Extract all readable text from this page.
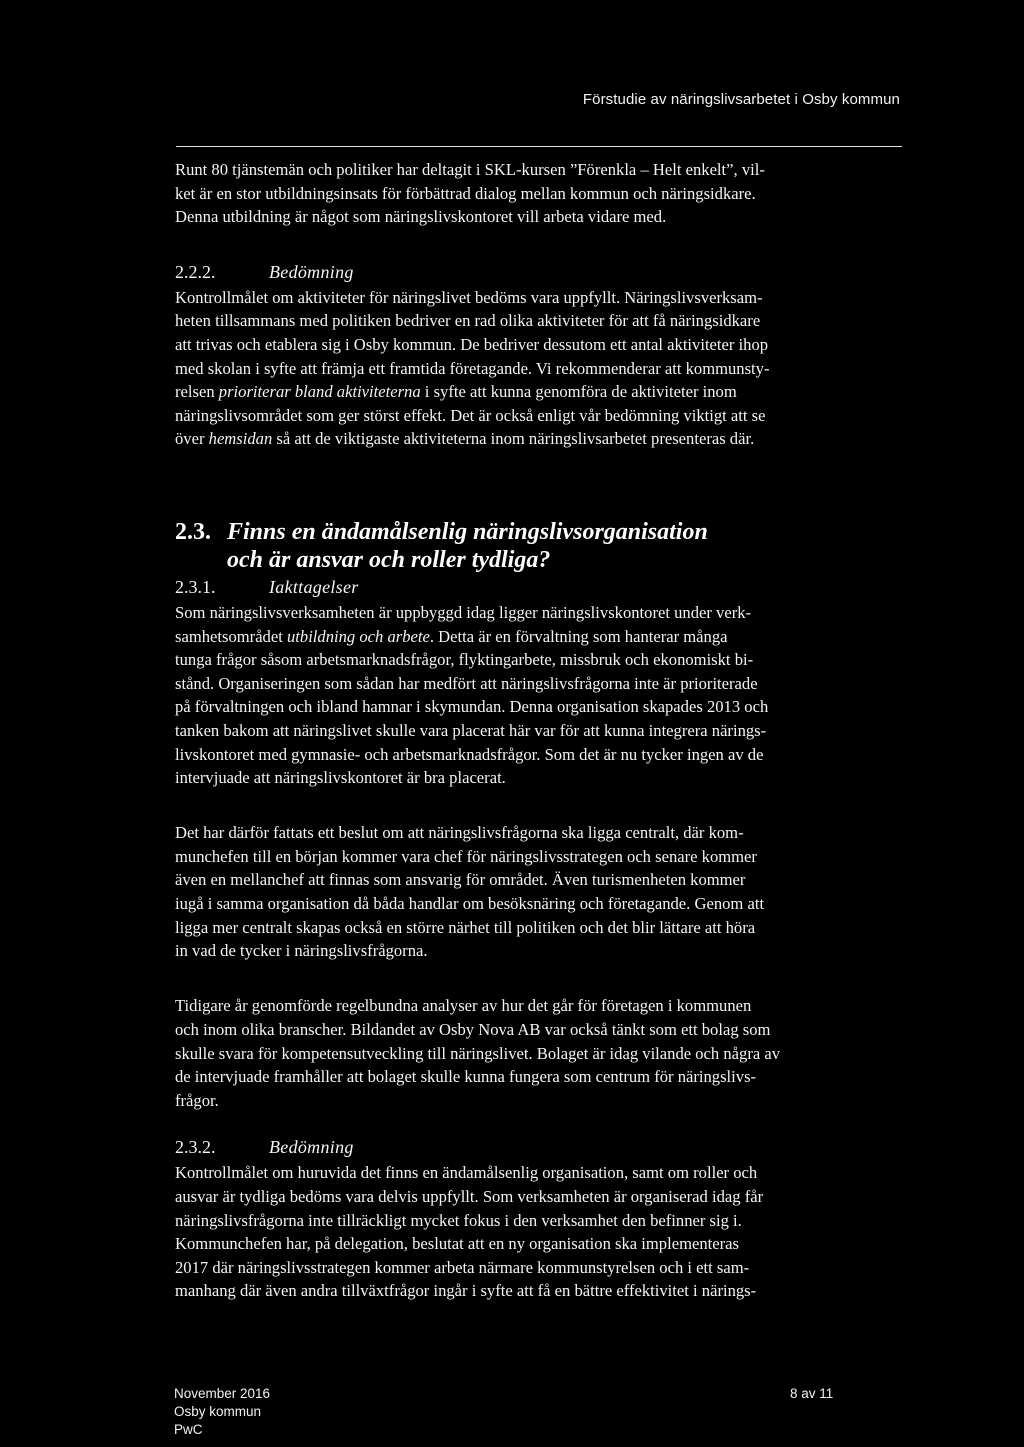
Förstudie av näringslivsarbetet i Osby kommun

Runt 80 tjänstemän och politiker har deltagit i SKL-kursen ”Förenkla – Helt enkelt”, vil-
ket är en stor utbildningsinsats för förbättrad dialog mellan kommun och näringsidkare.
Denna utbildning är något som näringslivskontoret vill arbeta vidare med.

2.2.2.	Bedömning

Kontrollmålet om aktiviteter för näringslivet bedöms vara uppfyllt. Näringslivsverksam-
heten tillsammans med politiken bedriver en rad olika aktiviteter för att få näringsidkare
att trivas och etablera sig i Osby kommun. De bedriver dessutom ett antal aktiviteter ihop
med skolan i syfte att främja ett framtida företagande. Vi rekommenderar att kommunsty-
relsen prioriterar bland aktiviteterna i syfte att kunna genomföra de aktiviteter inom
näringslivsområdet som ger störst effekt. Det är också enligt vår bedömning viktigt att se
över hemsidan så att de viktigaste aktiviteterna inom näringslivsarbetet presenteras där.

2.3. Finns en ändamålsenlig näringslivsorganisation
och är ansvar och roller tydliga?
2.3.1.	Iakttagelser

Som näringslivsverksamheten är uppbyggd idag ligger näringslivskontoret under verk-
samhetsområdet utbildning och arbete. Detta är en förvaltning som hanterar många
tunga frågor såsom arbetsmarknadsfrågor, flyktingarbete, missbruk och ekonomiskt bi-
stånd. Organiseringen som sådan har medfört att näringslivsfrågorna inte är prioriterade
på förvaltningen och ibland hamnar i skymundan. Denna organisation skapades 2013 och
tanken bakom att näringslivet skulle vara placerat här var för att kunna integrera närings-
livskontoret med gymnasie- och arbetsmarknadsfrågor. Som det är nu tycker ingen av de
intervjuade att näringslivskontoret är bra placerat.

Det har därför fattats ett beslut om att näringslivsfrågorna ska ligga centralt, där kom-
munchefen till en början kommer vara chef för näringslivsstrategen och senare kommer
även en mellanchef att finnas som ansvarig för området. Även turismenheten kommer
iugå i samma organisation då båda handlar om besöksnäring och företagande. Genom att
ligga mer centralt skapas också en större närhet till politiken och det blir lättare att höra
in vad de tycker i näringslivsfrågorna.

Tidigare år genomförde regelbundna analyser av hur det går för företagen i kommunen
och inom olika branscher. Bildandet av Osby Nova AB var också tänkt som ett bolag som
skulle svara för kompetensutveckling till näringslivet. Bolaget är idag vilande och några av
de intervjuade framhåller att bolaget skulle kunna fungera som centrum för näringslivs-
frågor.

2.3.2.	Bedömning

Kontrollmålet om huruvida det finns en ändamålsenlig organisation, samt om roller och
ausvar är tydliga bedöms vara delvis uppfyllt. Som verksamheten är organiserad idag får
näringslivsfrågorna inte tillräckligt mycket fokus i den verksamhet den befinner sig i.
Kommunchefen har, på delegation, beslutat att en ny organisation ska implementeras
2017 där näringslivsstrategen kommer arbeta närmare kommunstyrelsen och i ett sam-
manhang där även andra tillväxtfrågor ingår i syfte att få en bättre effektivitet i närings-

November 2016
Osby kommun
PwC
8 av 11
